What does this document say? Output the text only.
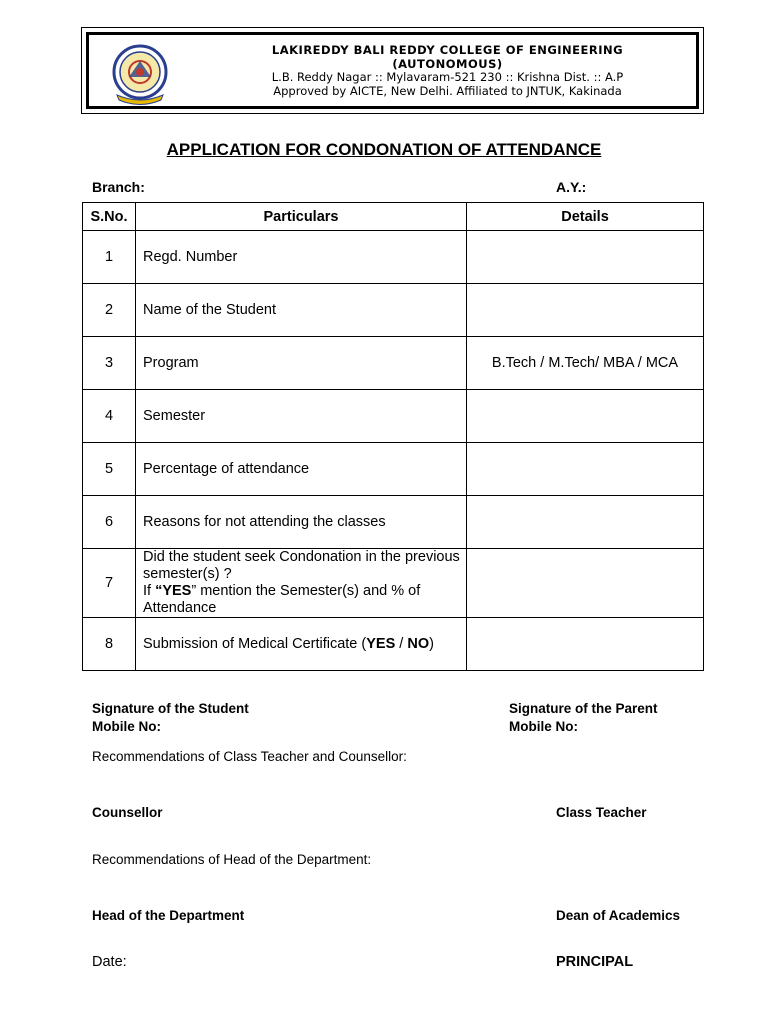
LAKIREDDY BALI REDDY COLLEGE OF ENGINEERING
(AUTONOMOUS)
L.B. Reddy Nagar :: Mylavaram-521 230 :: Krishna Dist. :: A.P
Approved by AICTE, New Delhi. Affiliated to JNTUK, Kakinada
APPLICATION FOR CONDONATION OF ATTENDANCE
Branch:	A.Y.:
S.No.	Particulars	Details
1	Regd. Number	
2	Name of the Student	
3	Program	B.Tech / M.Tech/ MBA / MCA
4	Semester	
5	Percentage of attendance	
6	Reasons for not attending the classes	
7	Did the student seek Condonation in the previous semester(s) ?
If “YES” mention the Semester(s) and % of Attendance	
8	Submission of Medical Certificate (YES / NO)	
Signature of the Student
Mobile No:
Signature of the Parent
Mobile No:
Recommendations of Class Teacher and Counsellor:
Counsellor	Class Teacher
Recommendations of Head of the Department:
Head of the Department	Dean of Academics
Date:	PRINCIPAL
